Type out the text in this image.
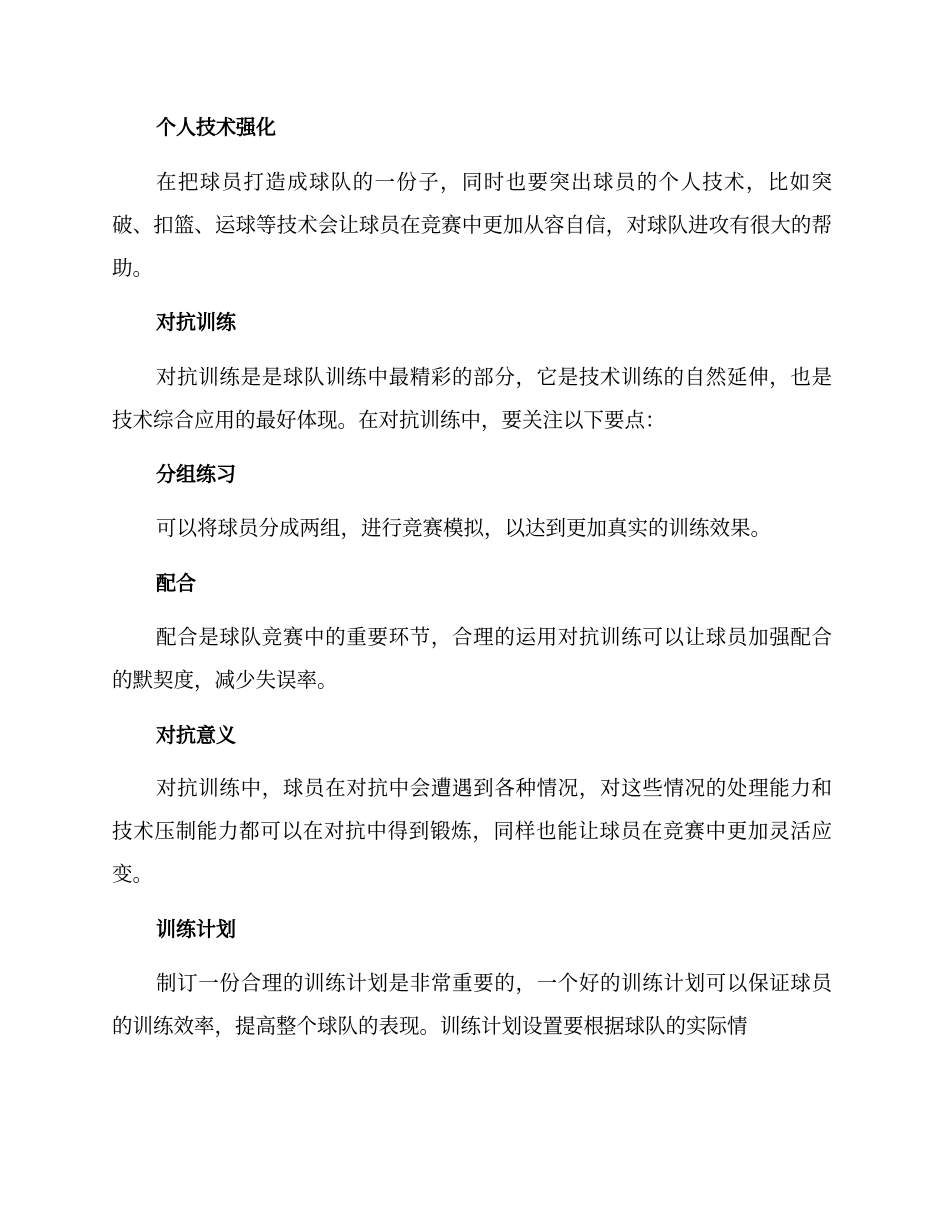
个人技术强化

在把球员打造成球队的一份子，同时也要突出球员的个人技术，比如突破、扣篮、运球等技术会让球员在竞赛中更加从容自信，对球队进攻有很大的帮助。

对抗训练

对抗训练是是球队训练中最精彩的部分，它是技术训练的自然延伸，也是技术综合应用的最好体现。在对抗训练中，要关注以下要点：

分组练习

可以将球员分成两组，进行竞赛模拟，以达到更加真实的训练效果。

配合

配合是球队竞赛中的重要环节，合理的运用对抗训练可以让球员加强配合的默契度，减少失误率。

对抗意义

对抗训练中，球员在对抗中会遭遇到各种情况，对这些情况的处理能力和技术压制能力都可以在对抗中得到锻炼，同样也能让球员在竞赛中更加灵活应变。

训练计划

制订一份合理的训练计划是非常重要的，一个好的训练计划可以保证球员的训练效率，提高整个球队的表现。训练计划设置要根据球队的实际情
